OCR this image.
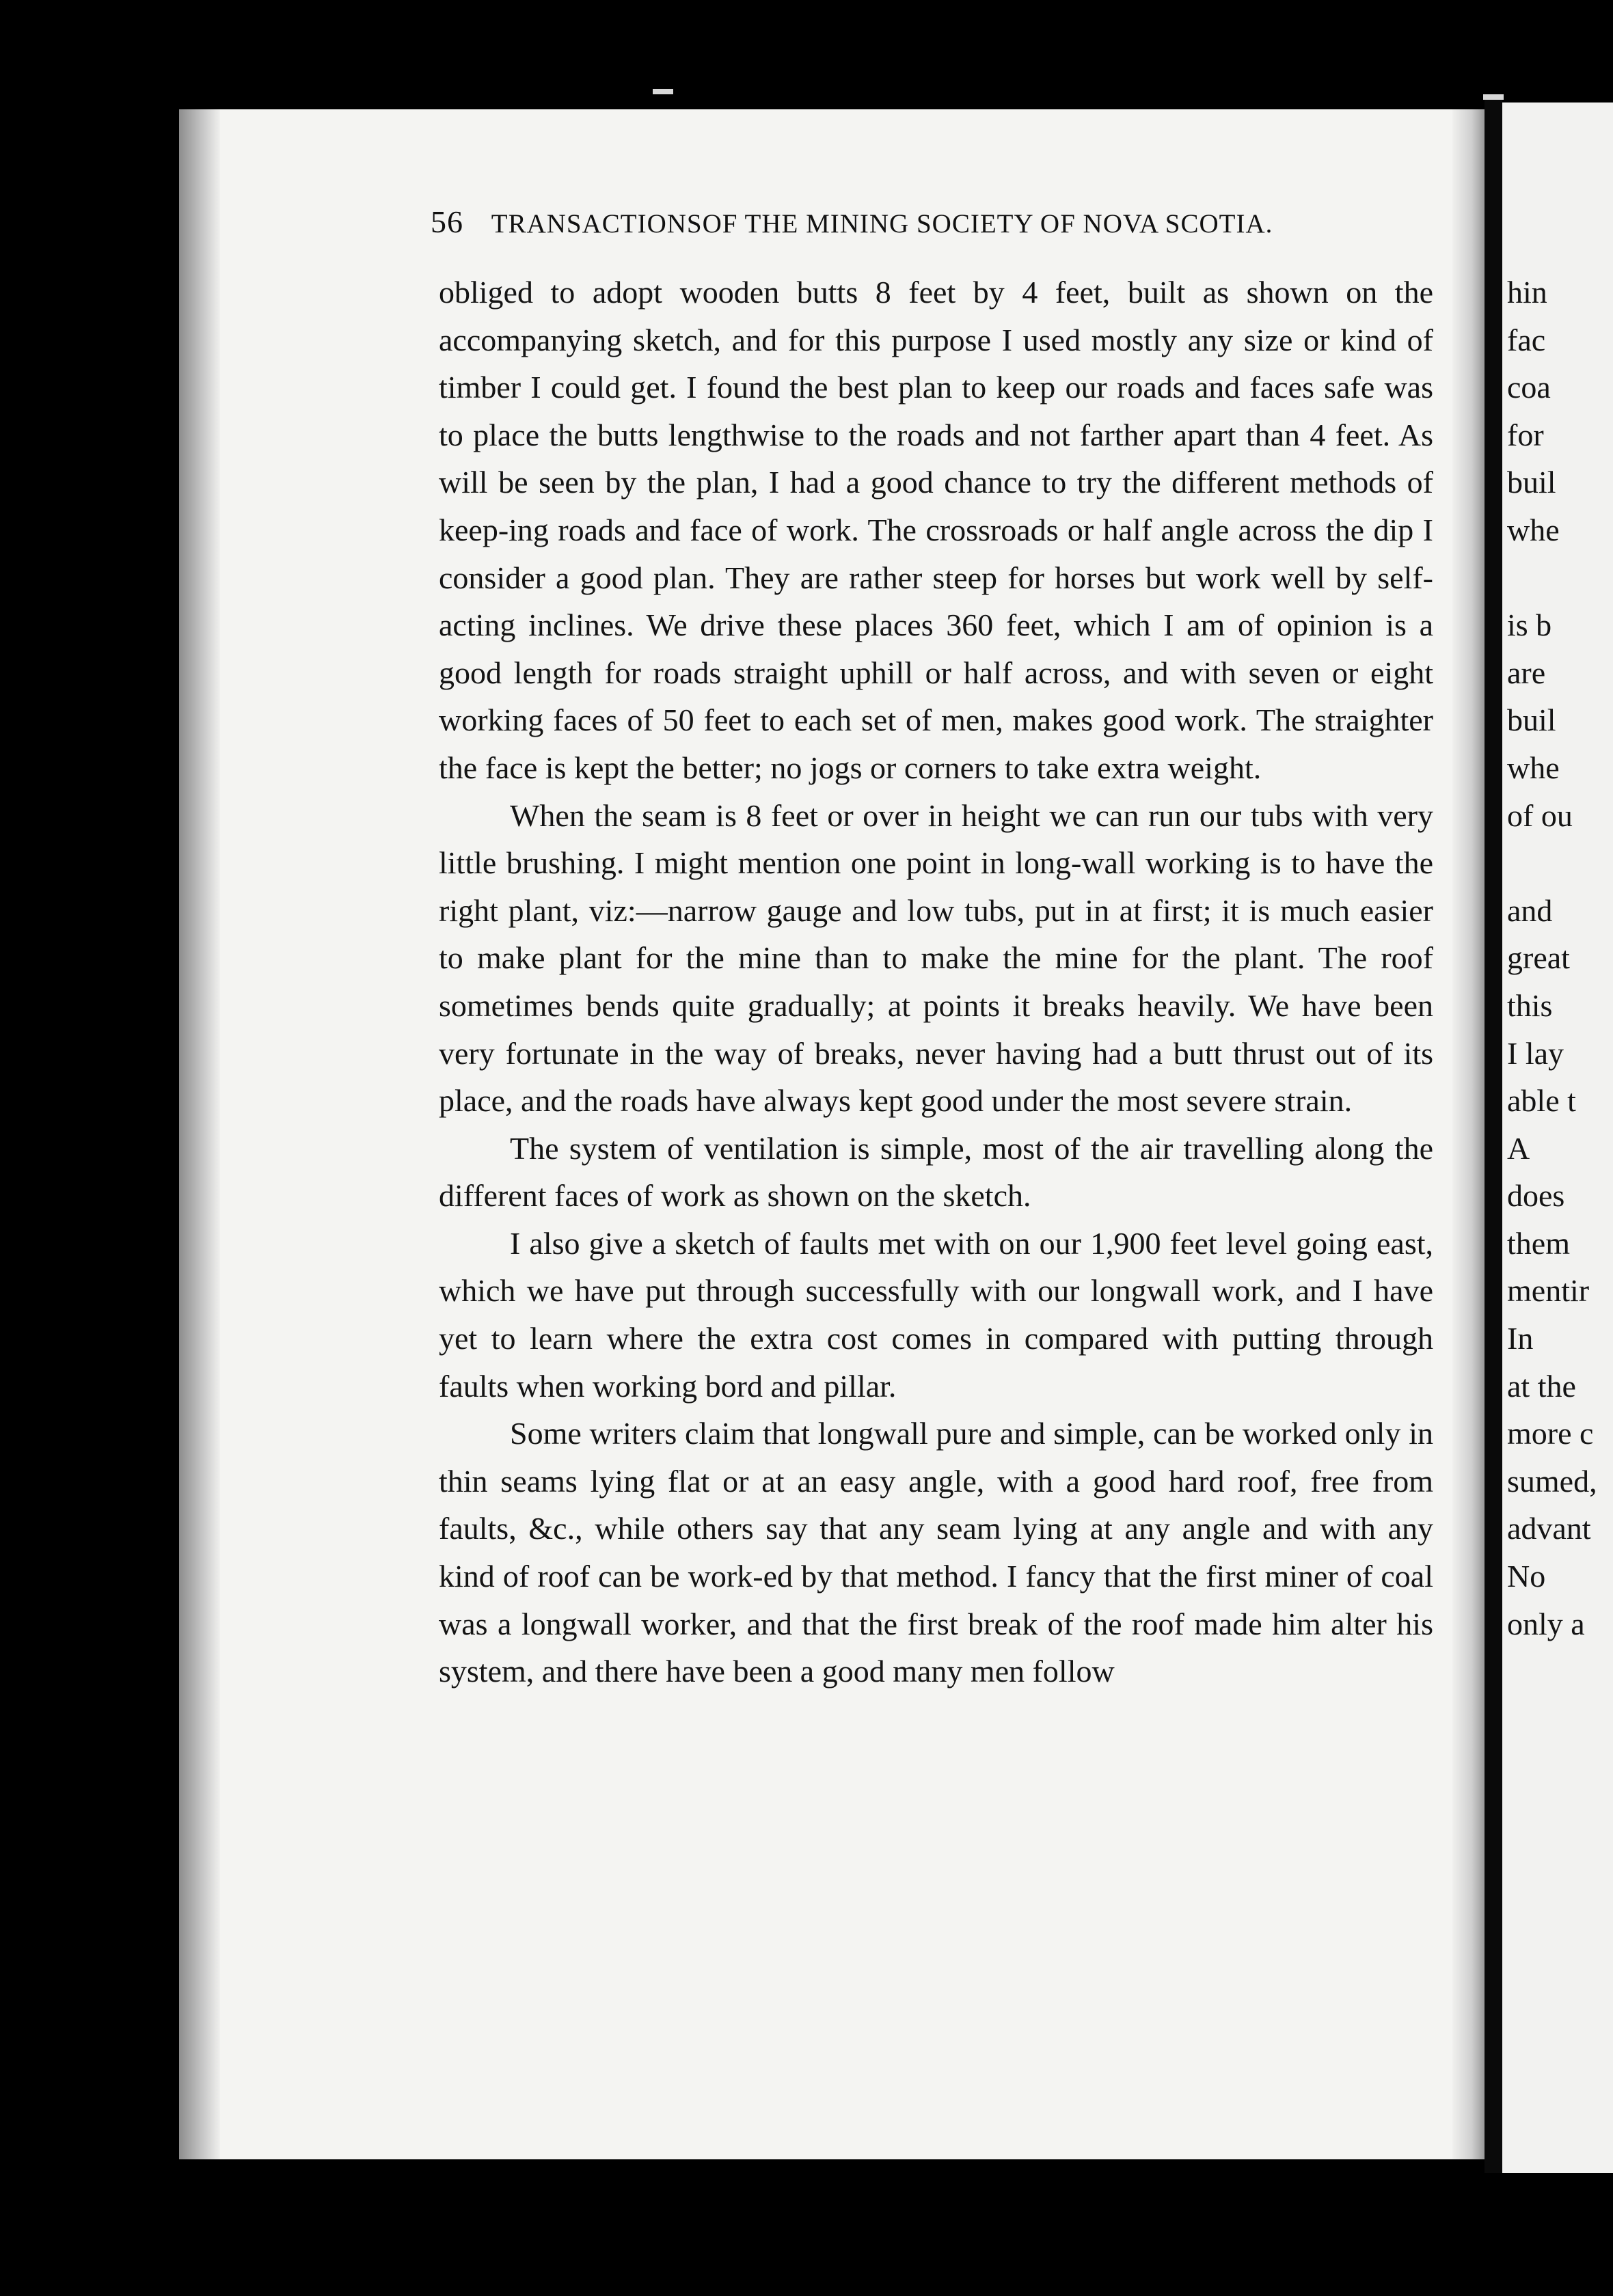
56 TRANSACTIONSOF THE MINING SOCIETY OF NOVA SCOTIA.

obliged to adopt wooden butts 8 feet by 4 feet, built as shown on the accompanying sketch, and for this purpose I used mostly any size or kind of timber I could get. I found the best plan to keep our roads and faces safe was to place the butts lengthwise to the roads and not farther apart than 4 feet. As will be seen by the plan, I had a good chance to try the different methods of keep-ing roads and face of work. The crossroads or half angle across the dip I consider a good plan. They are rather steep for horses but work well by self-acting inclines. We drive these places 360 feet, which I am of opinion is a good length for roads straight uphill or half across, and with seven or eight working faces of 50 feet to each set of men, makes good work. The straighter the face is kept the better; no jogs or corners to take extra weight.

When the seam is 8 feet or over in height we can run our tubs with very little brushing. I might mention one point in long-wall working is to have the right plant, viz:—narrow gauge and low tubs, put in at first; it is much easier to make plant for the mine than to make the mine for the plant. The roof sometimes bends quite gradually; at points it breaks heavily. We have been very fortunate in the way of breaks, never having had a butt thrust out of its place, and the roads have always kept good under the most severe strain.

The system of ventilation is simple, most of the air travelling along the different faces of work as shown on the sketch.

I also give a sketch of faults met with on our 1,900 feet level going east, which we have put through successfully with our longwall work, and I have yet to learn where the extra cost comes in compared with putting through faults when working bord and pillar.

Some writers claim that longwall pure and simple, can be worked only in thin seams lying flat or at an easy angle, with a good hard roof, free from faults, &c., while others say that any seam lying at any angle and with any kind of roof can be work-ed by that method. I fancy that the first miner of coal was a longwall worker, and that the first break of the roof made him alter his system, and there have been a good many men follow

hin
fac
coa
for
buil
whe
is b
are
buil
whe
of ou
and
great
this
I lay
able t
A
does
them
mentir
In
at the
more c
sumed,
advant
No
only a
